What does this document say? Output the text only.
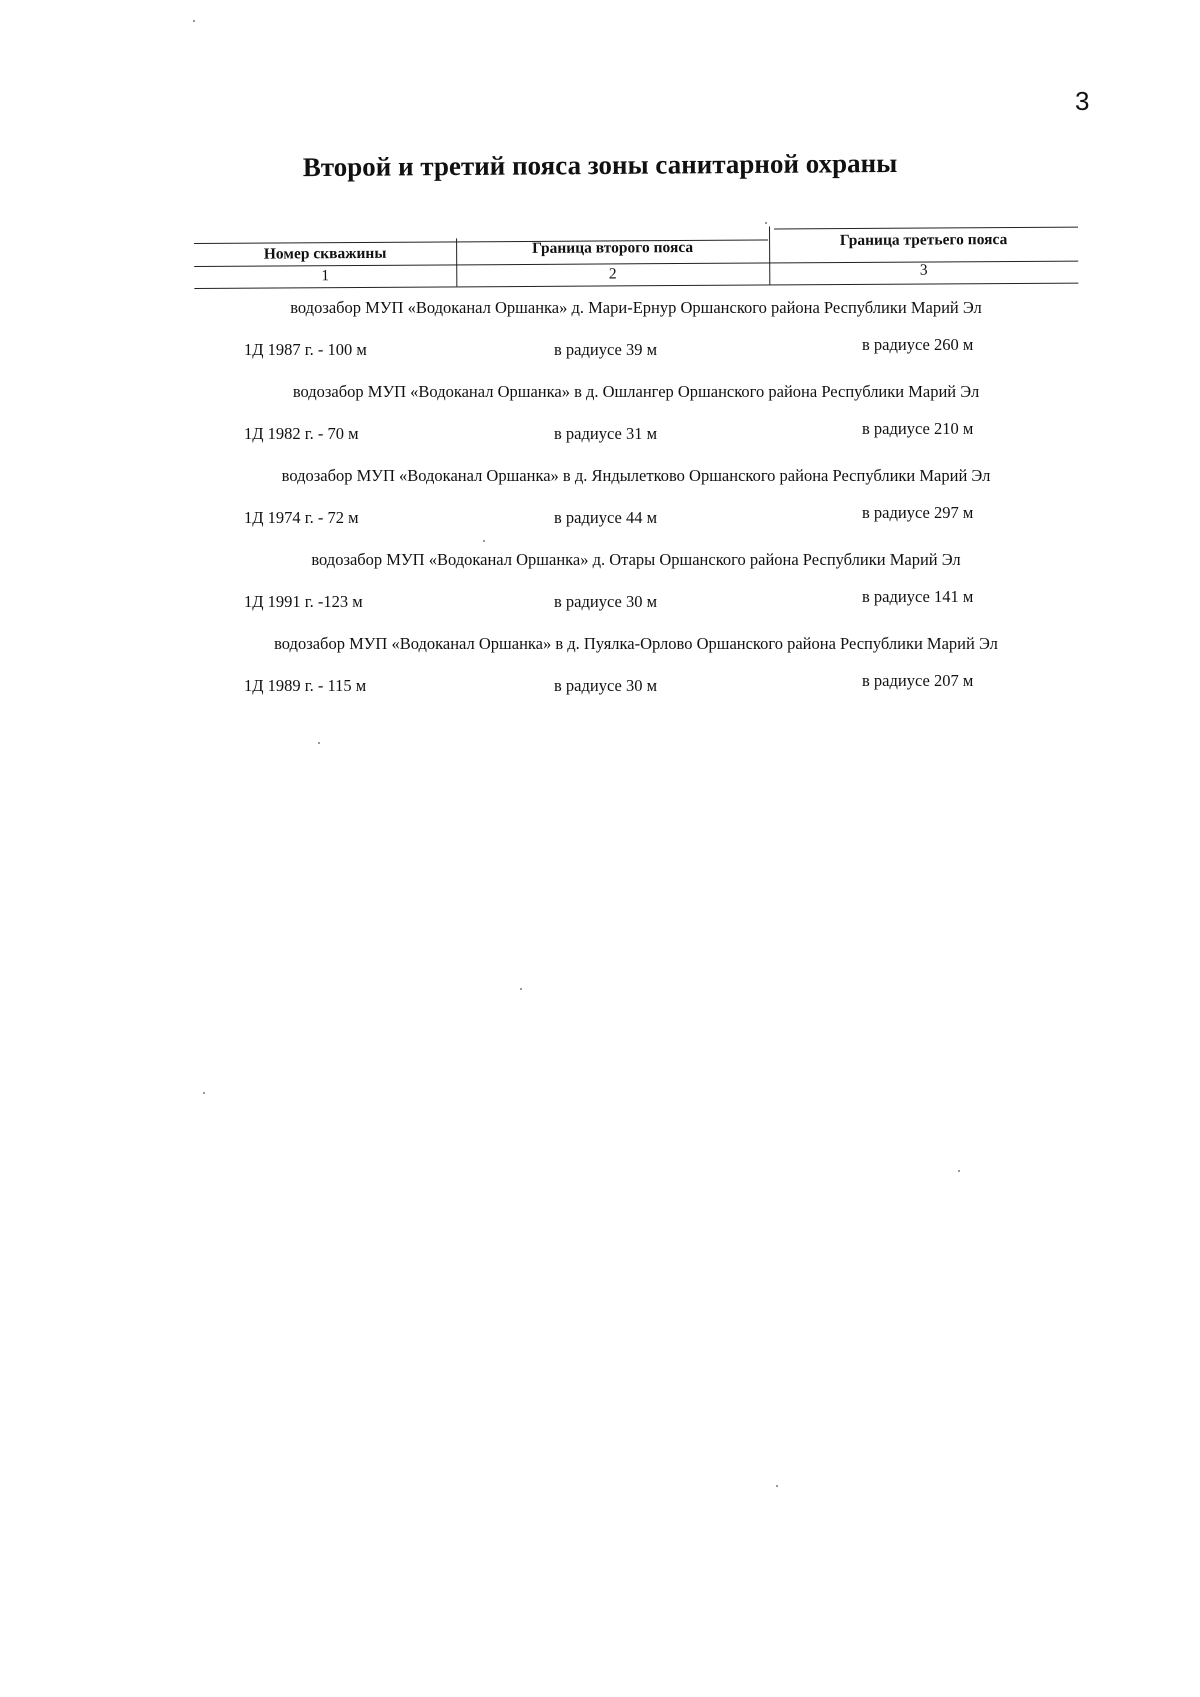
3
Второй и третий пояса зоны санитарной охраны
Номер скважины	Граница второго пояса	Граница третьего пояса
1	2	3
водозабор МУП «Водоканал Оршанка» д. Мари-Ернур Оршанского района Республики Марий Эл
1Д 1987 г. - 100 м	в радиусе 39 м	в радиусе 260 м
водозабор МУП «Водоканал Оршанка» в д. Ошлангер Оршанского района Республики Марий Эл
1Д 1982 г. - 70 м	в радиусе 31 м	в радиусе 210 м
водозабор МУП «Водоканал Оршанка» в д. Яндылетково Оршанского района Республики Марий Эл
1Д 1974 г. - 72 м	в радиусе 44 м	в радиусе 297 м
водозабор МУП «Водоканал Оршанка» д. Отары Оршанского района Республики Марий Эл
1Д 1991 г. -123 м	в радиусе 30 м	в радиусе 141 м
водозабор МУП «Водоканал Оршанка» в д. Пуялка-Орлово Оршанского района Республики Марий Эл
1Д 1989 г. - 115 м	в радиусе 30 м	в радиусе 207 м
